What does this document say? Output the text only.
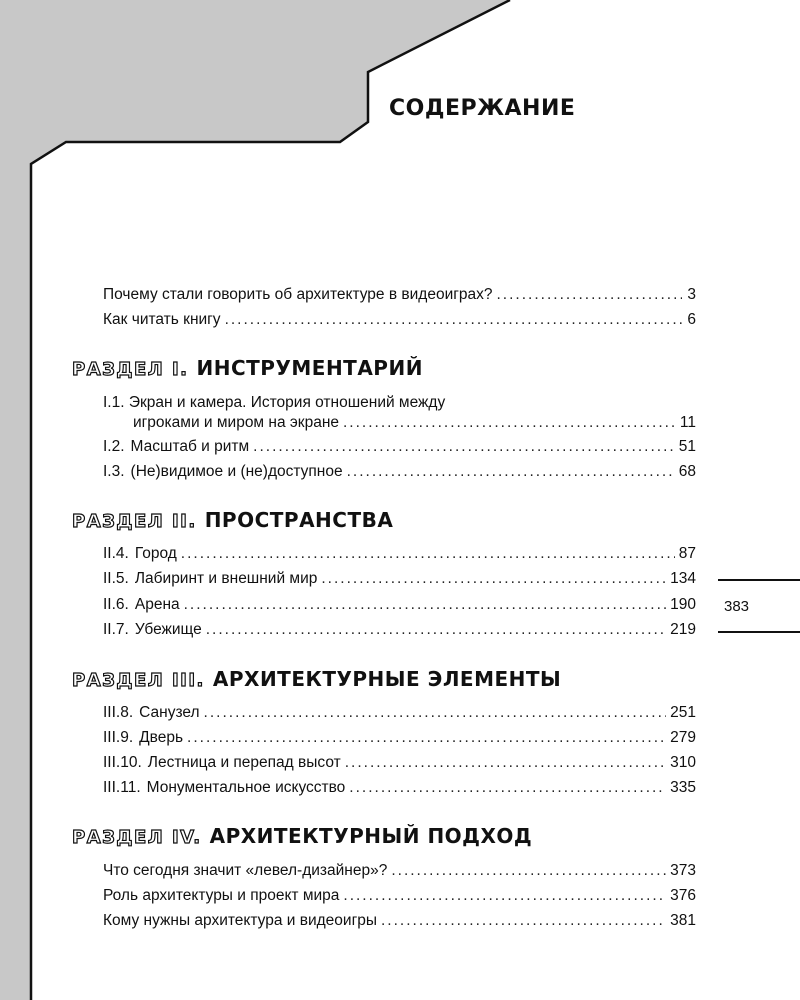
СОДЕРЖАНИЕ
383
Почему стали говорить об архитектуре в видеоиграх? .....	3
Как читать книгу .....	6
РАЗДЕЛ I. ИНСТРУМЕНТАРИЙ
I.1. Экран и камера. История отношений между
игроками и миром на экране .....	11
I.2. Масштаб и ритм .....	51
I.3. (Не)видимое и (не)доступное .....	68
РАЗДЕЛ II. ПРОСТРАНСТВА
II.4. Город .....	87
II.5. Лабиринт и внешний мир .....	134
II.6. Арена .....	190
II.7. Убежище .....	219
РАЗДЕЛ III. АРХИТЕКТУРНЫЕ ЭЛЕМЕНТЫ
III.8. Санузел .....	251
III.9. Дверь .....	279
III.10. Лестница и перепад высот .....	310
III.11. Монументальное искусство .....	335
РАЗДЕЛ IV. АРХИТЕКТУРНЫЙ ПОДХОД
Что сегодня значит «левел-дизайнер»? .....	373
Роль архитектуры и проект мира .....	376
Кому нужны архитектура и видеоигры .....	381
